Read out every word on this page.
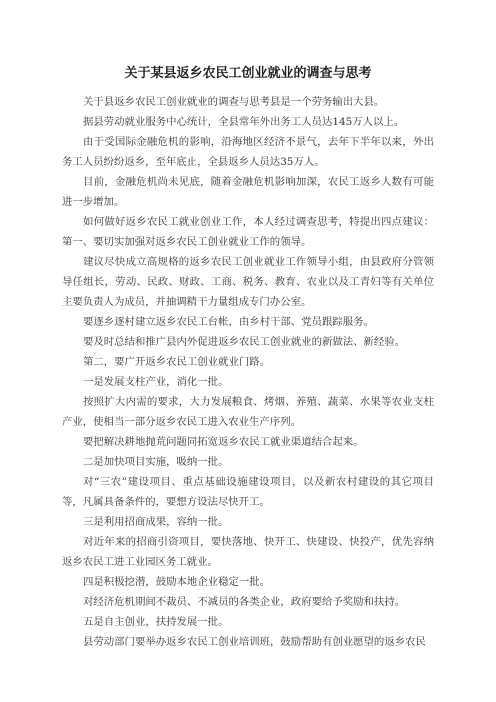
关于某县返乡农民工创业就业的调查与思考

关于县返乡农民工创业就业的调查与思考县是一个劳务输出大县。

据县劳动就业服务中心统计，全县常年外出务工人员达145万人以上。

由于受国际金融危机的影响，沿海地区经济不景气，去年下半年以来，外出务工人员纷纷返乡，至年底止，全县返乡人员达35万人。

目前，金融危机尚未见底，随着金融危机影响加深，农民工返乡人数有可能进一步增加。

如何做好返乡农民工就业创业工作，本人经过调查思考，特提出四点建议：第一、要切实加强对返乡农民工创业就业工作的领导。

建议尽快成立高规格的返乡农民工创业就业工作领导小组，由县政府分管领导任组长，劳动、民政、财政、工商、税务、教育、农业以及工青妇等有关单位主要负责人为成员，并抽调精干力量组成专门办公室。

要逐乡逐村建立返乡农民工台帐，由乡村干部、党员跟踪服务。

要及时总结和推广县内外促进返乡农民工创业就业的新做法、新经验。

第二，要广开返乡农民工创业就业门路。

一是发展支柱产业，消化一批。

按照扩大内需的要求，大力发展粮食、烤烟、养殖、蔬菜、水果等农业支柱产业，使相当一部分返乡农民工进入农业生产序列。

要把解决耕地抛荒问题同拓宽返乡农民工就业渠道结合起来。

二是加快项目实施，吸纳一批。

对“三农”建设项目、重点基础设施建设项目，以及新农村建设的其它项目等，凡属具备条件的，要想方设法尽快开工。

三是利用招商成果，容纳一批。

对近年来的招商引资项目，要快落地、快开工、快建设、快投产，优先容纳返乡农民工进工业园区务工就业。

四是积极挖潜，鼓励本地企业稳定一批。

对经济危机期间不裁员、不减员的各类企业，政府要给予奖励和扶持。

五是自主创业，扶持发展一批。

县劳动部门要举办返乡农民工创业培训班，鼓励帮助有创业愿望的返乡农民
